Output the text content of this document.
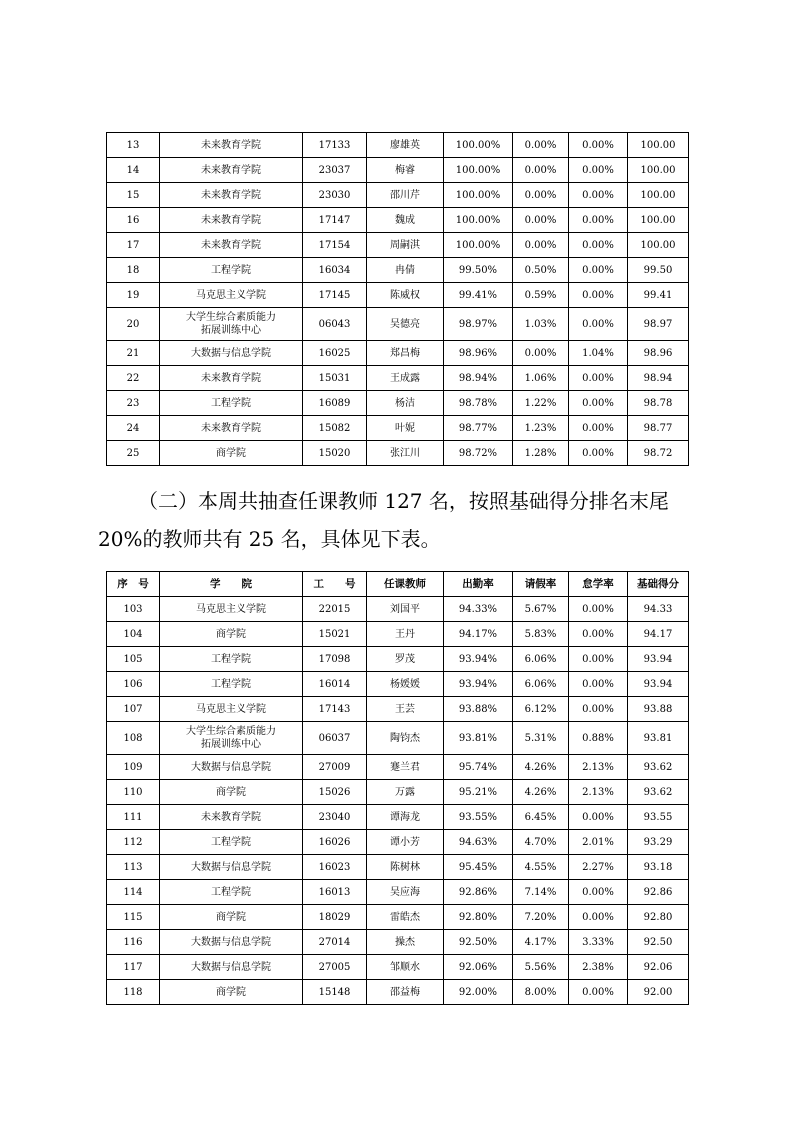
13	未来教育学院	17133	廖雄英	100.00%	0.00%	0.00%	100.00
14	未来教育学院	23037	梅睿	100.00%	0.00%	0.00%	100.00
15	未来教育学院	23030	邵川芹	100.00%	0.00%	0.00%	100.00
16	未来教育学院	17147	魏成	100.00%	0.00%	0.00%	100.00
17	未来教育学院	17154	周嗣淇	100.00%	0.00%	0.00%	100.00
18	工程学院	16034	冉倩	99.50%	0.50%	0.00%	99.50
19	马克思主义学院	17145	陈威权	99.41%	0.59%	0.00%	99.41
20	大学生综合素质能力
拓展训练中心	06043	吴德亮	98.97%	1.03%	0.00%	98.97
21	大数据与信息学院	16025	郑昌梅	98.96%	0.00%	1.04%	98.96
22	未来教育学院	15031	王成露	98.94%	1.06%	0.00%	98.94
23	工程学院	16089	杨洁	98.78%	1.22%	0.00%	98.78
24	未来教育学院	15082	叶妮	98.77%	1.23%	0.00%	98.77
25	商学院	15020	张江川	98.72%	1.28%	0.00%	98.72
（二）本周共抽查任课教师 127 名，按照基础得分排名末尾
20%的教师共有 25 名，具体见下表。
序　号	学　　院	工　　号	任课教师	出勤率	请假率	怠学率	基础得分
103	马克思主义学院	22015	刘国平	94.33%	5.67%	0.00%	94.33
104	商学院	15021	王丹	94.17%	5.83%	0.00%	94.17
105	工程学院	17098	罗茂	93.94%	6.06%	0.00%	93.94
106	工程学院	16014	杨媛媛	93.94%	6.06%	0.00%	93.94
107	马克思主义学院	17143	王芸	93.88%	6.12%	0.00%	93.88
108	大学生综合素质能力
拓展训练中心	06037	陶钧杰	93.81%	5.31%	0.88%	93.81
109	大数据与信息学院	27009	蹇兰君	95.74%	4.26%	2.13%	93.62
110	商学院	15026	万露	95.21%	4.26%	2.13%	93.62
111	未来教育学院	23040	谭海龙	93.55%	6.45%	0.00%	93.55
112	工程学院	16026	谭小芳	94.63%	4.70%	2.01%	93.29
113	大数据与信息学院	16023	陈树林	95.45%	4.55%	2.27%	93.18
114	工程学院	16013	吴应海	92.86%	7.14%	0.00%	92.86
115	商学院	18029	雷皓杰	92.80%	7.20%	0.00%	92.80
116	大数据与信息学院	27014	操杰	92.50%	4.17%	3.33%	92.50
117	大数据与信息学院	27005	邹顺水	92.06%	5.56%	2.38%	92.06
118	商学院	15148	邵益梅	92.00%	8.00%	0.00%	92.00
